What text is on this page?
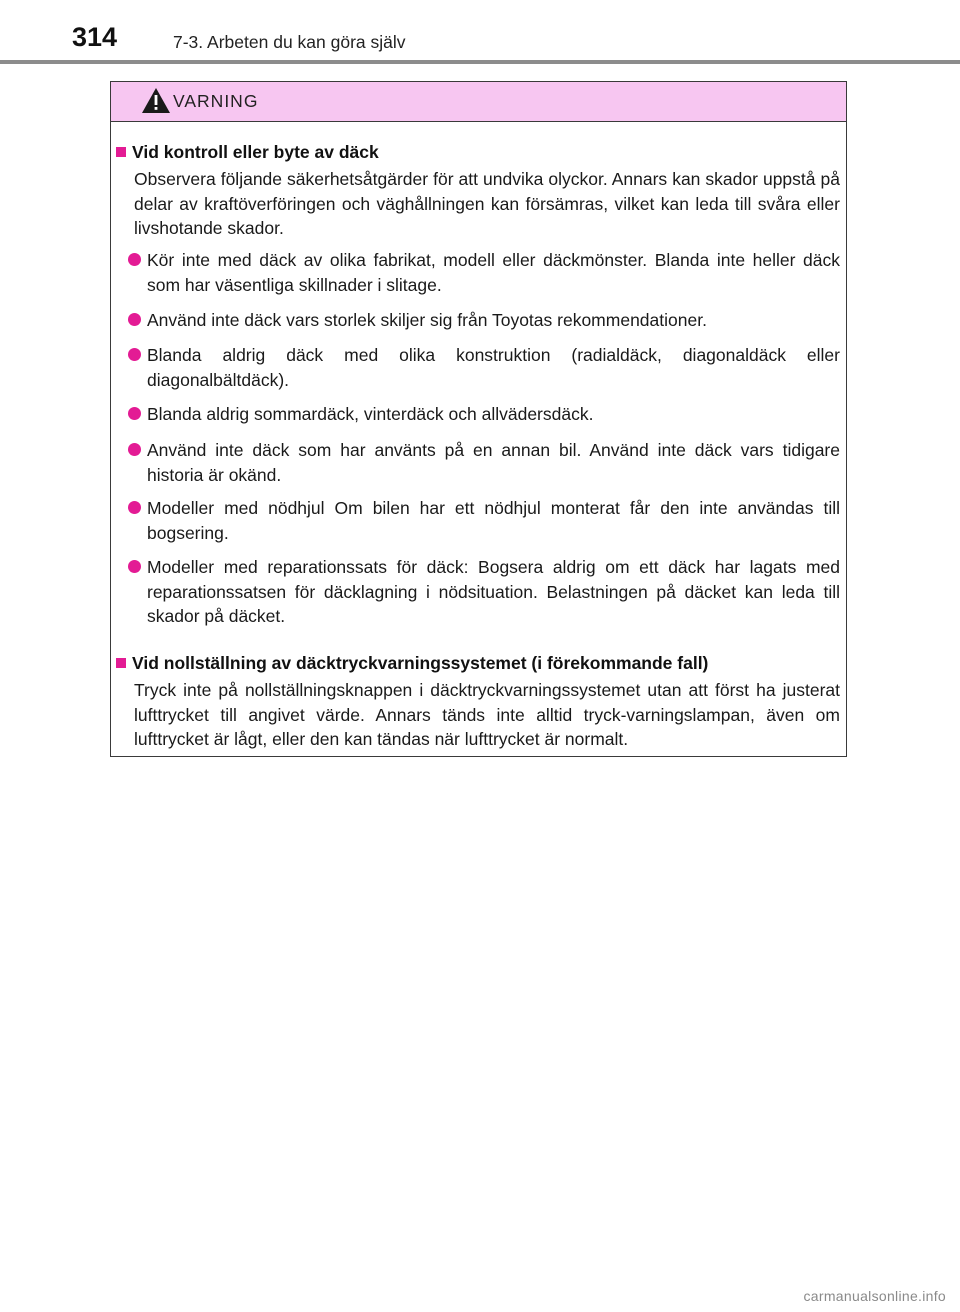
314	7-3. Arbeten du kan göra själv
VARNING
Vid kontroll eller byte av däck
Observera följande säkerhetsåtgärder för att undvika olyckor. Annars kan skador uppstå på delar av kraftöverföringen och väghållningen kan försämras, vilket kan leda till svåra eller livshotande skador.
Kör inte med däck av olika fabrikat, modell eller däckmönster. Blanda inte heller däck som har väsentliga skillnader i slitage.
Använd inte däck vars storlek skiljer sig från Toyotas rekommendationer.
Blanda aldrig däck med olika konstruktion (radialdäck, diagonaldäck eller diagonalbältdäck).
Blanda aldrig sommardäck, vinterdäck och allvädersdäck.
Använd inte däck som har använts på en annan bil. Använd inte däck vars tidigare historia är okänd.
Modeller med nödhjul Om bilen har ett nödhjul monterat får den inte användas till bogsering.
Modeller med reparationssats för däck: Bogsera aldrig om ett däck har lagats med reparationssatsen för däcklagning i nödsituation. Belastningen på däcket kan leda till skador på däcket.
Vid nollställning av däcktryckvarningssystemet (i förekommande fall)
Tryck inte på nollställningsknappen i däcktryckvarningssystemet utan att först ha justerat lufttrycket till angivet värde. Annars tänds inte alltid tryck-varningslampan, även om lufttrycket är lågt, eller den kan tändas när lufttrycket är normalt.
carmanualsonline.info
